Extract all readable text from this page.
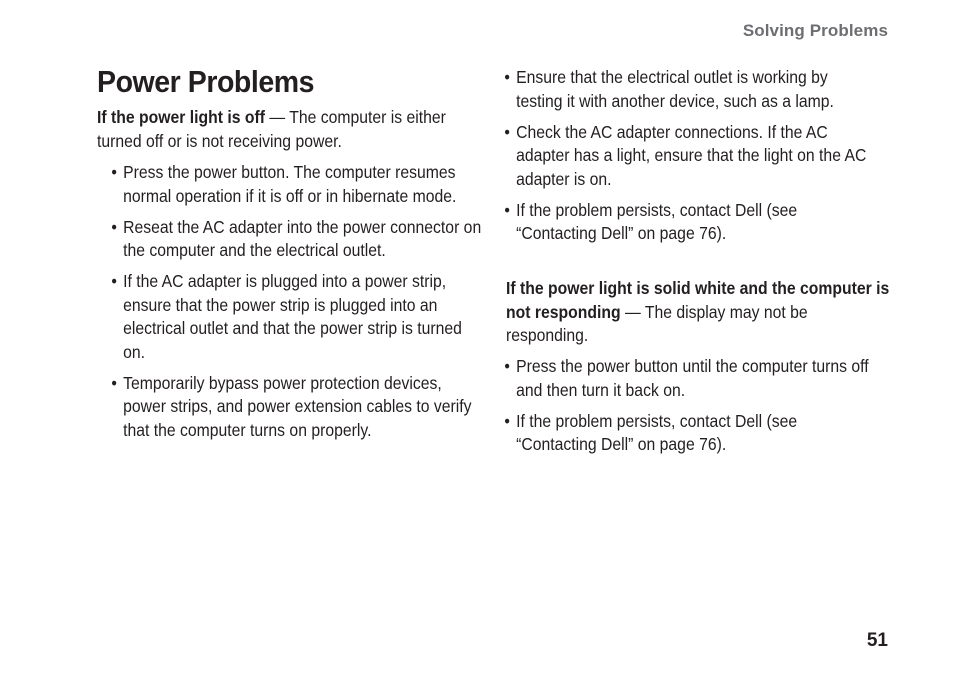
Solving Problems
Power Problems

If the power light is off — The computer is either turned off or is not receiving power.

• Press the power button. The computer resumes normal operation if it is off or in hibernate mode.
• Reseat the AC adapter into the power connector on the computer and the electrical outlet.
• If the AC adapter is plugged into a power strip, ensure that the power strip is plugged into an electrical outlet and that the power strip is turned on.
• Temporarily bypass power protection devices, power strips, and power extension cables to verify that the computer turns on properly.
• Ensure that the electrical outlet is working by testing it with another device, such as a lamp.
• Check the AC adapter connections. If the AC adapter has a light, ensure that the light on the AC adapter is on.
• If the problem persists, contact Dell (see “Contacting Dell” on page 76).

If the power light is solid white and the computer is not responding — The display may not be responding.

• Press the power button until the computer turns off and then turn it back on.
• If the problem persists, contact Dell (see “Contacting Dell” on page 76).
51
